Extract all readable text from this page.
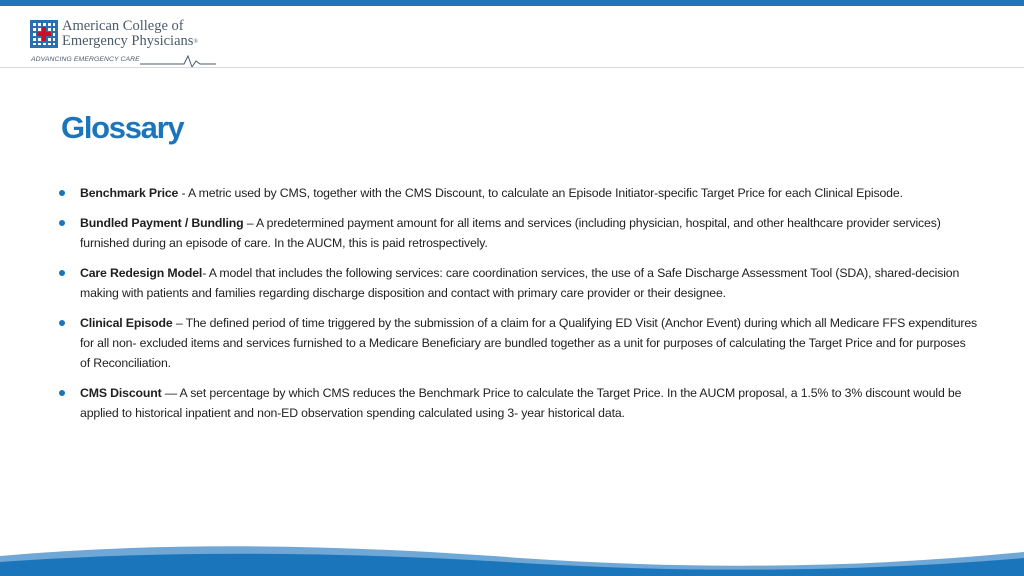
American College of
Emergency Physicians®
ADVANCING EMERGENCY CARE
Glossary
Benchmark Price - A metric used by CMS, together with the CMS Discount, to calculate an Episode Initiator-specific Target Price for each Clinical Episode.
Bundled Payment / Bundling – A predetermined payment amount for all items and services (including physician, hospital, and other healthcare provider services) furnished during an episode of care. In the AUCM, this is paid retrospectively.
Care Redesign Model- A model that includes the following services: care coordination services, the use of a Safe Discharge Assessment Tool (SDA), shared-decision making with patients and families regarding discharge disposition and contact with primary care provider or their designee.
Clinical Episode – The defined period of time triggered by the submission of a claim for a Qualifying ED Visit (Anchor Event) during which all Medicare FFS expenditures for all non- excluded items and services furnished to a Medicare Beneficiary are bundled together as a unit for purposes of calculating the Target Price and for purposes of Reconciliation.
CMS Discount — A set percentage by which CMS reduces the Benchmark Price to calculate the Target Price. In the AUCM proposal, a 1.5% to 3% discount would be applied to historical inpatient and non-ED observation spending calculated using 3- year historical data.
